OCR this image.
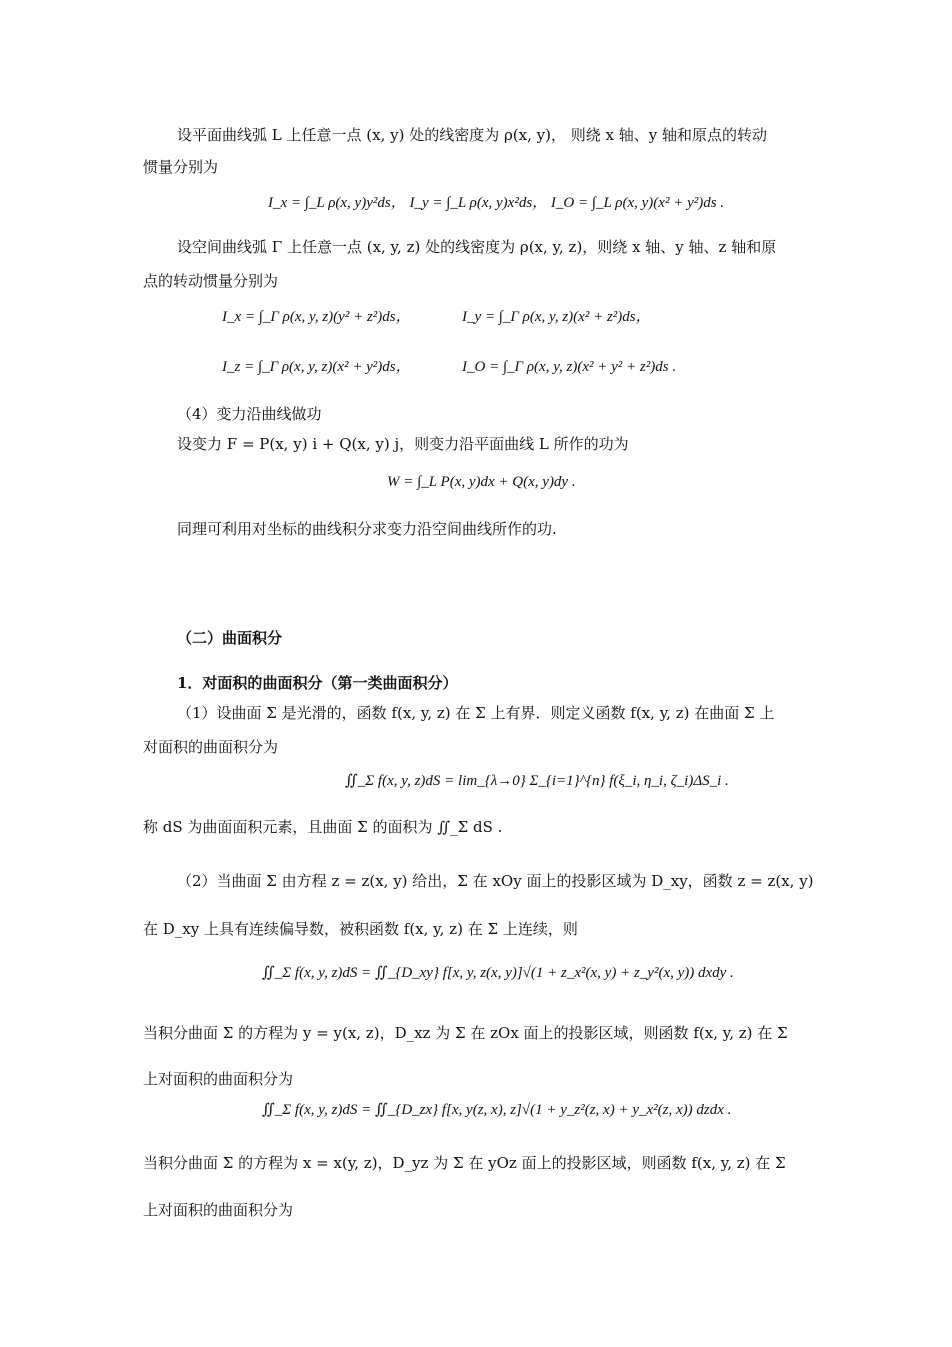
设平面曲线弧 L 上任意一点 (x, y) 处的线密度为 ρ(x, y)， 则绕 x 轴、y 轴和原点的转动
惯量分别为
I_x = ∫_L ρ(x, y)y²ds， I_y = ∫_L ρ(x, y)x²ds， I_O = ∫_L ρ(x, y)(x² + y²)ds .
设空间曲线弧 Γ 上任意一点 (x, y, z) 处的线密度为 ρ(x, y, z)，则绕 x 轴、y 轴、z 轴和原
点的转动惯量分别为
I_x = ∫_Γ ρ(x, y, z)(y² + z²)ds，	I_y = ∫_Γ ρ(x, y, z)(x² + z²)ds，
I_z = ∫_Γ ρ(x, y, z)(x² + y²)ds，	I_O = ∫_Γ ρ(x, y, z)(x² + y² + z²)ds .
（4）变力沿曲线做功
设变力 F = P(x, y) i + Q(x, y) j，则变力沿平面曲线 L 所作的功为
W = ∫_L P(x, y)dx + Q(x, y)dy .
同理可利用对坐标的曲线积分求变力沿空间曲线所作的功.
（二）曲面积分
1．对面积的曲面积分（第一类曲面积分）
（1）设曲面 Σ 是光滑的，函数 f(x, y, z) 在 Σ 上有界．则定义函数 f(x, y, z) 在曲面 Σ 上
对面积的曲面积分为
∬_Σ f(x, y, z)dS = lim_{λ→0} Σ_{i=1}^{n} f(ξ_i, η_i, ζ_i)ΔS_i .
称 dS 为曲面面积元素，且曲面 Σ 的面积为 ∬_Σ dS .
（2）当曲面 Σ 由方程 z = z(x, y) 给出，Σ 在 xOy 面上的投影区域为 D_xy，函数 z = z(x, y)
在 D_xy 上具有连续偏导数，被积函数 f(x, y, z) 在 Σ 上连续，则
∬_Σ f(x, y, z)dS = ∬_{D_xy} f[x, y, z(x, y)]√(1 + z_x²(x, y) + z_y²(x, y)) dxdy .
当积分曲面 Σ 的方程为 y = y(x, z)，D_xz 为 Σ 在 zOx 面上的投影区域，则函数 f(x, y, z) 在 Σ
上对面积的曲面积分为
∬_Σ f(x, y, z)dS = ∬_{D_zx} f[x, y(z, x), z]√(1 + y_z²(z, x) + y_x²(z, x)) dzdx .
当积分曲面 Σ 的方程为 x = x(y, z)，D_yz 为 Σ 在 yOz 面上的投影区域，则函数 f(x, y, z) 在 Σ
上对面积的曲面积分为
